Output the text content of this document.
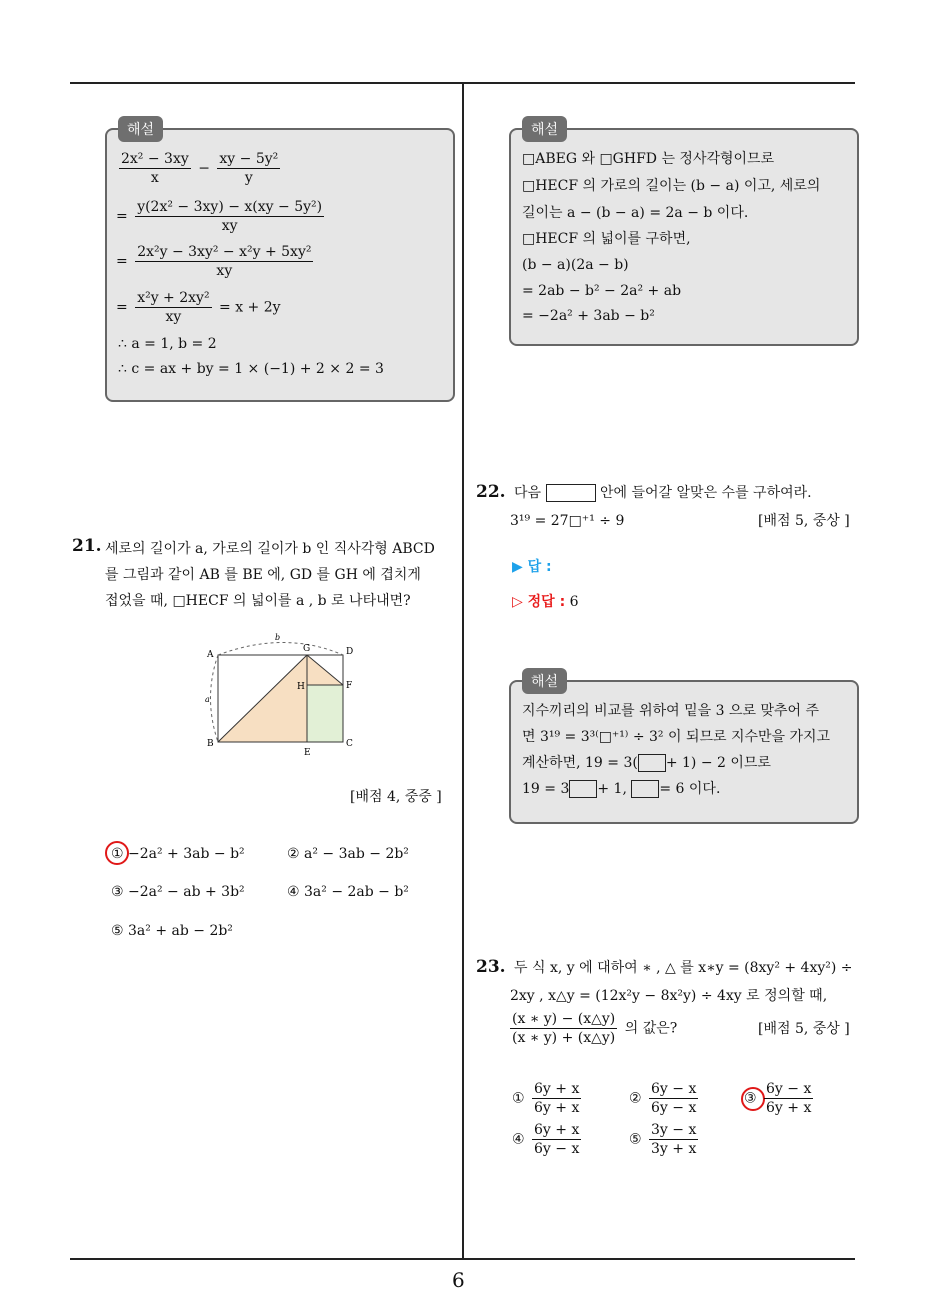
6
해설
$\frac{\text{2x² − 3xy}}{x} - \frac{\text{xy − 5y²}}{y}$
= $\frac{\text{y(2x² − 3xy) − x(xy − 5y²)}}{xy}$
= $\frac{\text{2x²y − 3xy² − x²y + 5xy²}}{xy}$
= $\frac{\text{x²y + 2xy²}}{xy} = x + 2y$
∴ a = 1, b = 2
∴ c = ax + by = 1 × (−1) + 2 × 2 = 3
21. 세로의 길이가 a, 가로의 길이가 b 인 직사각형 ABCD
를 그림과 같이 AB 를 BE 에, GD 를 GH 에 겹치게
접었을 때, □HECF 의 넓이를 a , b 로 나타내면?
A
B	C
D
E
F
G
H
a
b
[배점 4, 중중 ]
① −2a² + 3ab − b²	② a² − 3ab − 2b²
③ −2a² − ab + 3b²	④ 3a² − 2ab − b²
⑤ 3a² + ab − 2b²
해설
□ABEG 와 □GHFD 는 정사각형이므로
□HECF 의 가로의 길이는 (b − a) 이고, 세로의
길이는 a − (b − a) = 2a − b 이다.
□HECF 의 넓이를 구하면,
(b − a)(2a − b)
= 2ab − b² − 2a² + ab
= −2a² + 3ab − b²
22. 다음	안에 들어갈 알맞은 수를 구하여라.
3¹⁹ = 27□⁺¹ ÷ 9	[배점 5, 중상 ]
▶ 답 :
▷ 정답 : 6
해설
지수끼리의 비교를 위하여 밑을 3 으로 맞추어 주
면 3¹⁹ = 3³⁽□⁺¹⁾ ÷ 3² 이 되므로 지수만을 가지고
계산하면, 19 = 3( + 1) − 2 이므로
19 = 3 + 1, = 6 이다.
23. 두 식 x, y 에 대하여 ∗ , △ 를 x∗y = (8xy² + 4xy²) ÷
2xy , x△y = (12x²y − 8x²y) ÷ 4xy 로 정의할 때,
$\frac{(x ∗ y) - (x\triangle y)}{(x ∗ y) + (x\triangle y)}$ 의 값은?	[배점 5, 중상 ]
① $\frac{6y + x}{6y + x}$	② $\frac{6y - x}{6y - x}$	③ $\frac{6y - x}{6y + x}$
④ $\frac{6y + x}{6y - x}$	⑤ $\frac{3y - x}{3y + x}$
